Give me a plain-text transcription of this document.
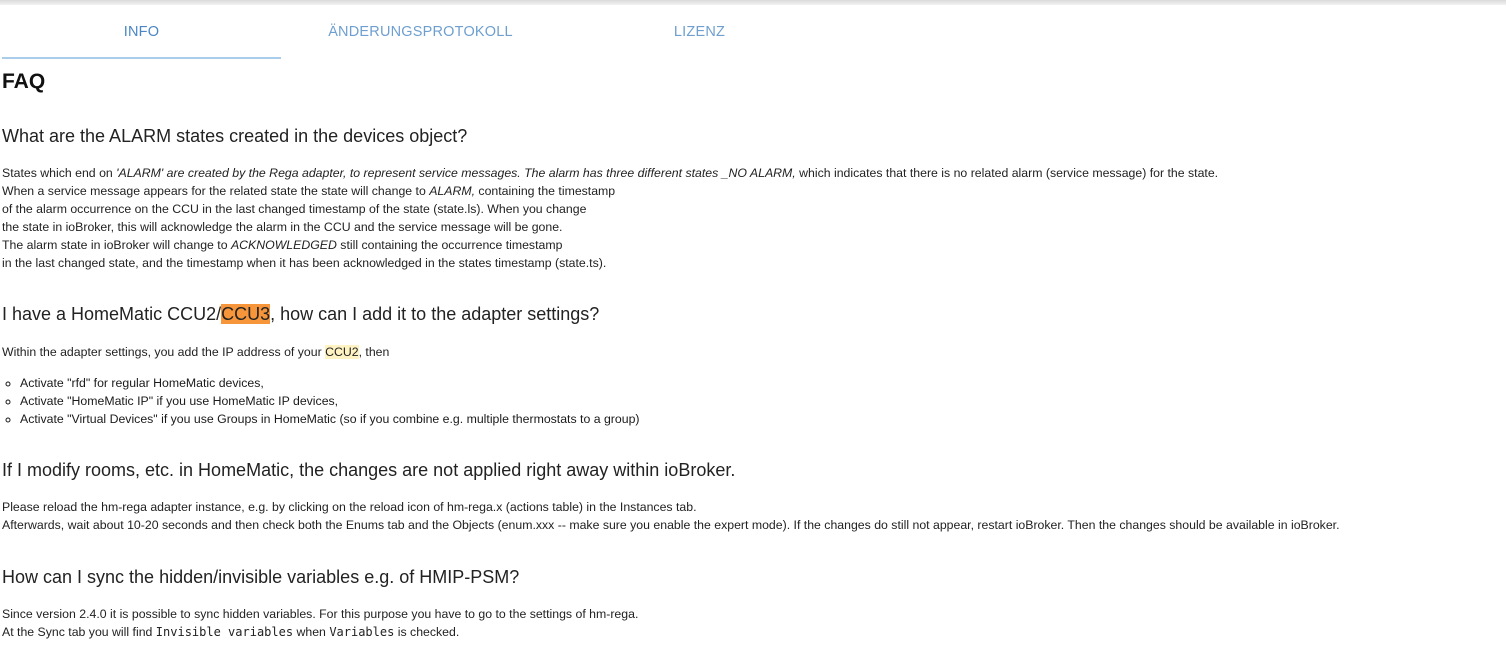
INFO	ÄNDERUNGSPROTOKOLL	LIZENZ
FAQ
What are the ALARM states created in the devices object?

States which end on 'ALARM' are created by the Rega adapter, to represent service messages. The alarm has three different states _NO ALARM, which indicates that there is no related alarm (service message) for the state.

When a service message appears for the related state the state will change to ALARM, containing the timestamp

of the alarm occurrence on the CCU in the last changed timestamp of the state (state.ls). When you change

the state in ioBroker, this will acknowledge the alarm in the CCU and the service message will be gone.

The alarm state in ioBroker will change to ACKNOWLEDGED still containing the occurrence timestamp

in the last changed state, and the timestamp when it has been acknowledged in the states timestamp (state.ts).

I have a HomeMatic CCU2/CCU3, how can I add it to the adapter settings?

Within the adapter settings, you add the IP address of your CCU2, then

◦ Activate "rfd" for regular HomeMatic devices,
◦ Activate "HomeMatic IP" if you use HomeMatic IP devices,
◦ Activate "Virtual Devices" if you use Groups in HomeMatic (so if you combine e.g. multiple thermostats to a group)
If I modify rooms, etc. in HomeMatic, the changes are not applied right away within ioBroker.

Please reload the hm-rega adapter instance, e.g. by clicking on the reload icon of hm-rega.x (actions table) in the Instances tab.

Afterwards, wait about 10-20 seconds and then check both the Enums tab and the Objects (enum.xxx -- make sure you enable the expert mode). If the changes do still not appear, restart ioBroker. Then the changes should be available in ioBroker.

How can I sync the hidden/invisible variables e.g. of HMIP-PSM?

Since version 2.4.0 it is possible to sync hidden variables. For this purpose you have to go to the settings of hm-rega.

At the Sync tab you will find Invisible variables when Variables is checked.
